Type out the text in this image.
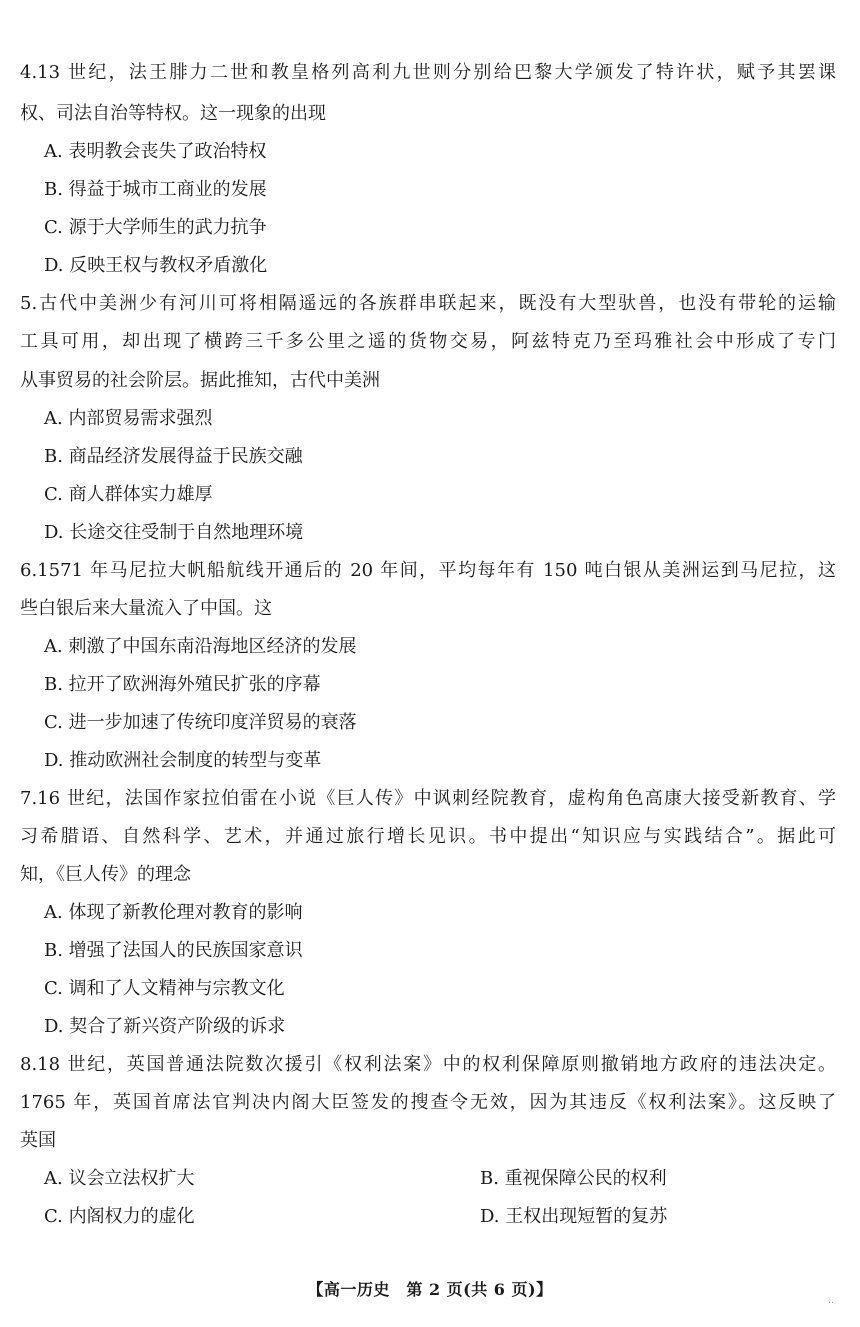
4.13 世纪，法王腓力二世和教皇格列高利九世则分别给巴黎大学颁发了特许状，赋予其罢课
权、司法自治等特权。这一现象的出现
A. 表明教会丧失了政治特权
B. 得益于城市工商业的发展
C. 源于大学师生的武力抗争
D. 反映王权与教权矛盾激化
5.古代中美洲少有河川可将相隔遥远的各族群串联起来，既没有大型驮兽，也没有带轮的运输
工具可用，却出现了横跨三千多公里之遥的货物交易，阿兹特克乃至玛雅社会中形成了专门
从事贸易的社会阶层。据此推知，古代中美洲
A. 内部贸易需求强烈
B. 商品经济发展得益于民族交融
C. 商人群体实力雄厚
D. 长途交往受制于自然地理环境
6.1571 年马尼拉大帆船航线开通后的 20 年间，平均每年有 150 吨白银从美洲运到马尼拉，这
些白银后来大量流入了中国。这
A. 刺激了中国东南沿海地区经济的发展
B. 拉开了欧洲海外殖民扩张的序幕
C. 进一步加速了传统印度洋贸易的衰落
D. 推动欧洲社会制度的转型与变革
7.16 世纪，法国作家拉伯雷在小说《巨人传》中讽刺经院教育，虚构角色高康大接受新教育、学
习希腊语、自然科学、艺术，并通过旅行增长见识。书中提出“知识应与实践结合”。据此可
知，《巨人传》的理念
A. 体现了新教伦理对教育的影响
B. 增强了法国人的民族国家意识
C. 调和了人文精神与宗教文化
D. 契合了新兴资产阶级的诉求
8.18 世纪，英国普通法院数次援引《权利法案》中的权利保障原则撤销地方政府的违法决定。
1765 年，英国首席法官判决内阁大臣签发的搜查令无效，因为其违反《权利法案》。这反映了
英国
A. 议会立法权扩大	B. 重视保障公民的权利
C. 内阁权力的虚化	D. 王权出现短暂的复苏
【高一历史　第 2 页(共 6 页)】
‥
